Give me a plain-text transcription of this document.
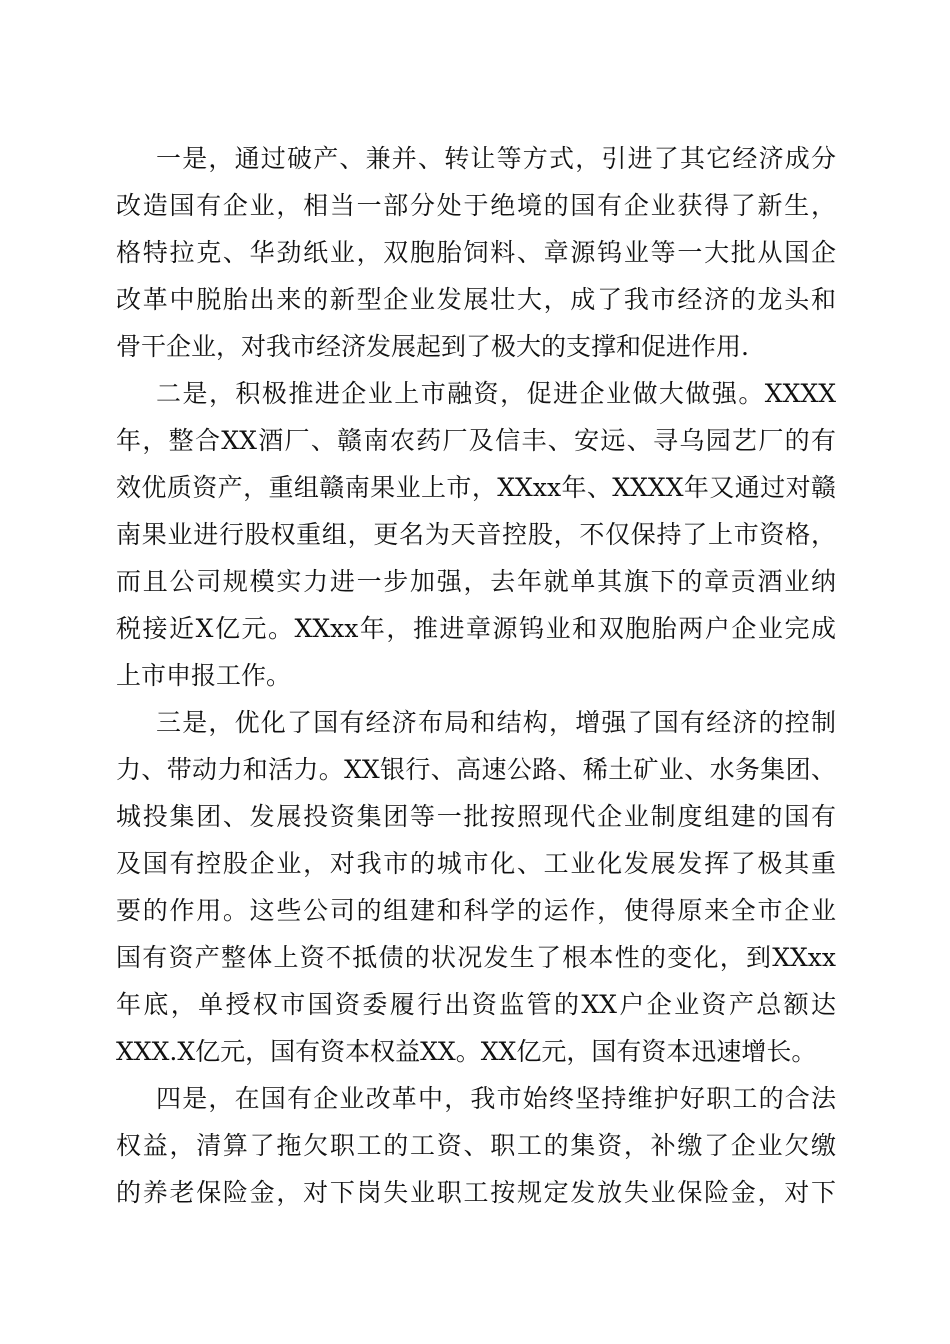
一是，通过破产、兼并、转让等方式，引进了其它经济成分

改造国有企业，相当一部分处于绝境的国有企业获得了新生，

格特拉克、华劲纸业，双胞胎饲料、章源钨业等一大批从国企

改革中脱胎出来的新型企业发展壮大，成了我市经济的龙头和

骨干企业，对我市经济发展起到了极大的支撑和促进作用.

二是，积极推进企业上市融资，促进企业做大做强。XXXX

年，整合XX酒厂、赣南农药厂及信丰、安远、寻乌园艺厂的有

效优质资产，重组赣南果业上市，XXxx年、XXXX年又通过对赣

南果业进行股权重组，更名为天音控股，不仅保持了上市资格，

而且公司规模实力进一步加强，去年就单其旗下的章贡酒业纳

税接近X亿元。XXxx年，推进章源钨业和双胞胎两户企业完成

上市申报工作。

三是，优化了国有经济布局和结构，增强了国有经济的控制

力、带动力和活力。XX银行、高速公路、稀土矿业、水务集团、

城投集团、发展投资集团等一批按照现代企业制度组建的国有

及国有控股企业，对我市的城市化、工业化发展发挥了极其重

要的作用。这些公司的组建和科学的运作，使得原来全市企业

国有资产整体上资不抵债的状况发生了根本性的变化，到XXxx

年底，单授权市国资委履行出资监管的XX户企业资产总额达

XXX.X亿元，国有资本权益XX。XX亿元，国有资本迅速增长。

四是，在国有企业改革中，我市始终坚持维护好职工的合法

权益，清算了拖欠职工的工资、职工的集资，补缴了企业欠缴

的养老保险金，对下岗失业职工按规定发放失业保险金，对下
